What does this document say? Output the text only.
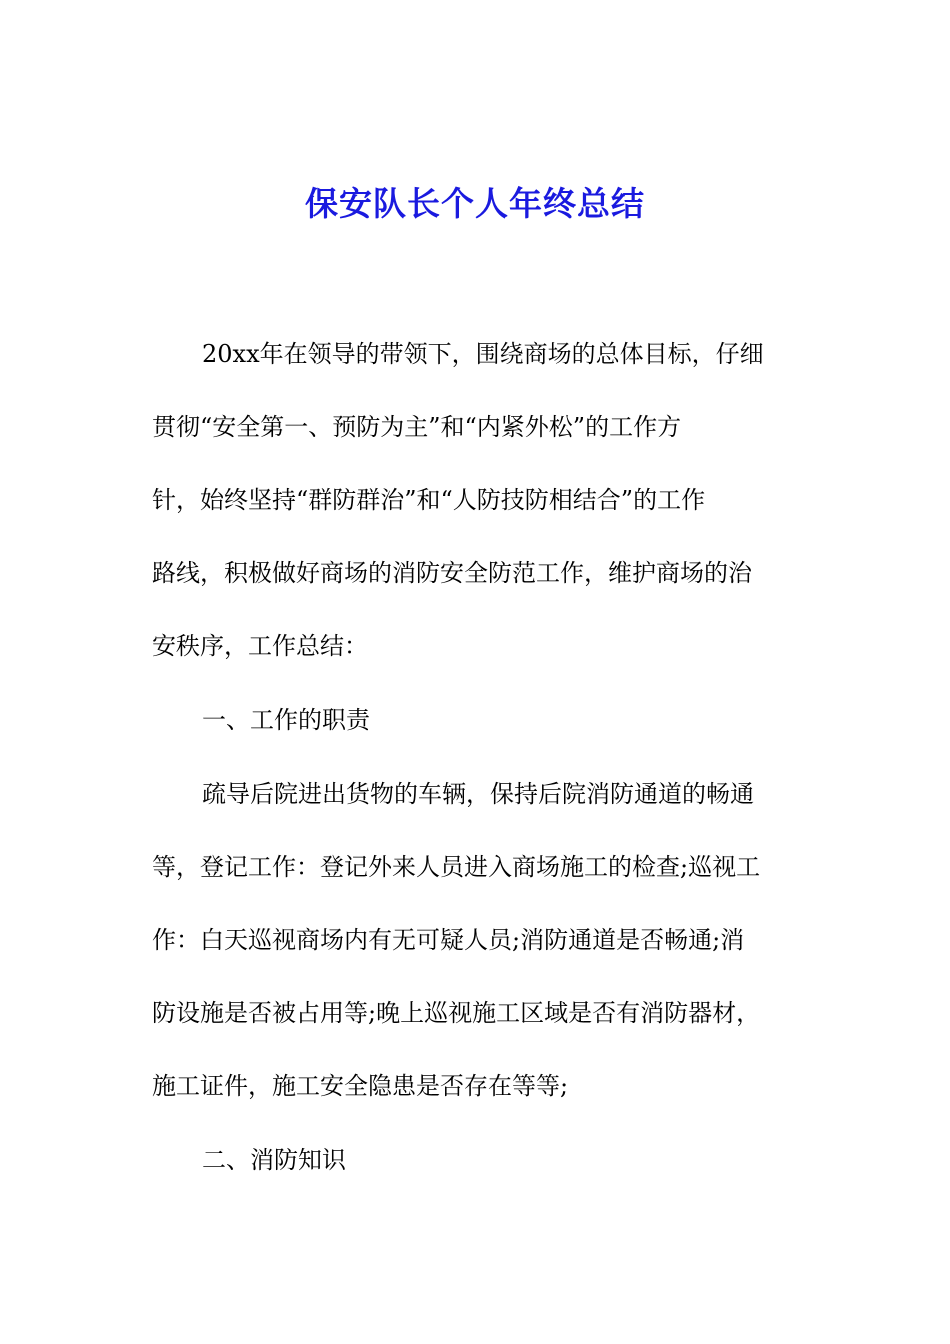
保安队长个人年终总结

20xx年在领导的带领下，围绕商场的总体目标，仔细
贯彻“安全第一、预防为主”和“内紧外松”的工作方
针，始终坚持“群防群治”和“人防技防相结合”的工作
路线，积极做好商场的消防安全防范工作，维护商场的治
安秩序，工作总结：

一、工作的职责

疏导后院进出货物的车辆，保持后院消防通道的畅通
等，登记工作：登记外来人员进入商场施工的检查;巡视工
作：白天巡视商场内有无可疑人员;消防通道是否畅通;消
防设施是否被占用等;晚上巡视施工区域是否有消防器材，
施工证件，施工安全隐患是否存在等等;

二、消防知识
